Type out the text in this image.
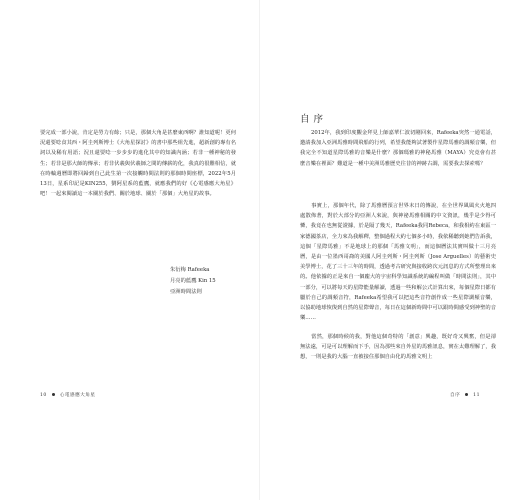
要完成一部小說，肯定是勞力有餘；只是，那個大角是甚麼東西啊？誰知道呢！更何況還要唸食其西・阿圭列斯博士《大角星探討》的書中那些組先進，超新創的專有名詞以及稀有用語；況且還要唸一步步步的進化其中的知識內涵；若非一種神秘的發生；若非是那大師的傳承；若非伏羲與伏羲師之間的傳薪的化，我真的很難相信，就在時輪週曆即將回歸到自己此生第一次接觸時間法則的那個時間座標，2022年5月13日，星系印記是KIN255，劉阿星系的藍鷹，就應我們的好《心電感應大角星》吧！一起來閱讀這一本關於我們、關於地球、關於「那個」大角星的故事。
朱衍梅 Rafeeka
月亮的藍鷹 Kin 15
亞洲時間法則
10	心電感應大角星
自序
2012年，我到印度觀金拜見上師嘉華仁波切剛回來，Rafeeka突然一通電話，邀請我加入亞洲馬雅時間飛船的行列，希望我能夠試著製作星際馬雅的調頻音樂，但我完全不知道星際馬雅的音樂是什麼？那個瑪雅的神秘馬雅（MAYA）究竟會有甚麼音樂在裡面？難道是一種中美洲馬雅歷史往昔的神跡古調，需要我去探索嗎？
事實上，那個年代，除了馬雅曆預言世界末日的傳說，在全世界風風火火地四處散佈著，對於大部分的亞洲人來說，與神祕馬雅相關的中文資訊，幾乎是少得可憐，我竟在也無從證據，於是隔了幾天，Rafeeka我同Rebeca，和我相約在東區一家德國茶店，全力來為我解釋，整個過程大約七個多小時，我依稀聽到她們告訴我，這個「星際馬雅」不是地球上的那個「馬雅文明」，而這個曆法其實叫做十三月亮曆，是由一位墨西哥裔的美國人阿圭列斯・阿圭列斯（Jose Arguelles）的藝術史美學博士，花了三十三年的時間，透過考古研究與接收跨次元訊息的方式所整理出來的。他依據的正是來自一個龐大的宇宙科學知識系統的編程叫做「時間法則」，其中一部分，可以將每天的星際能量解讀，透過一些和解公式計算出來，每個星際日都有屬於自己的調頻音符，Rafeeka希望我可以把這些音符創作成一些星際調頻音樂，以協助地球恢復到自然的星際聲音，每日在這個新時間中可以跟時間感受到神聖的音樂……
當然，那個時候的我，對他這個奇特的「創意」興趣，既好奇又興奮，但是卻無法遠，可是可以理解而下手，因為那些來自外星的馬雅訊息，實在太難理解了，我想，一則是我的大腦一直被接住那個自由化的馬雅文明上
自序	11
